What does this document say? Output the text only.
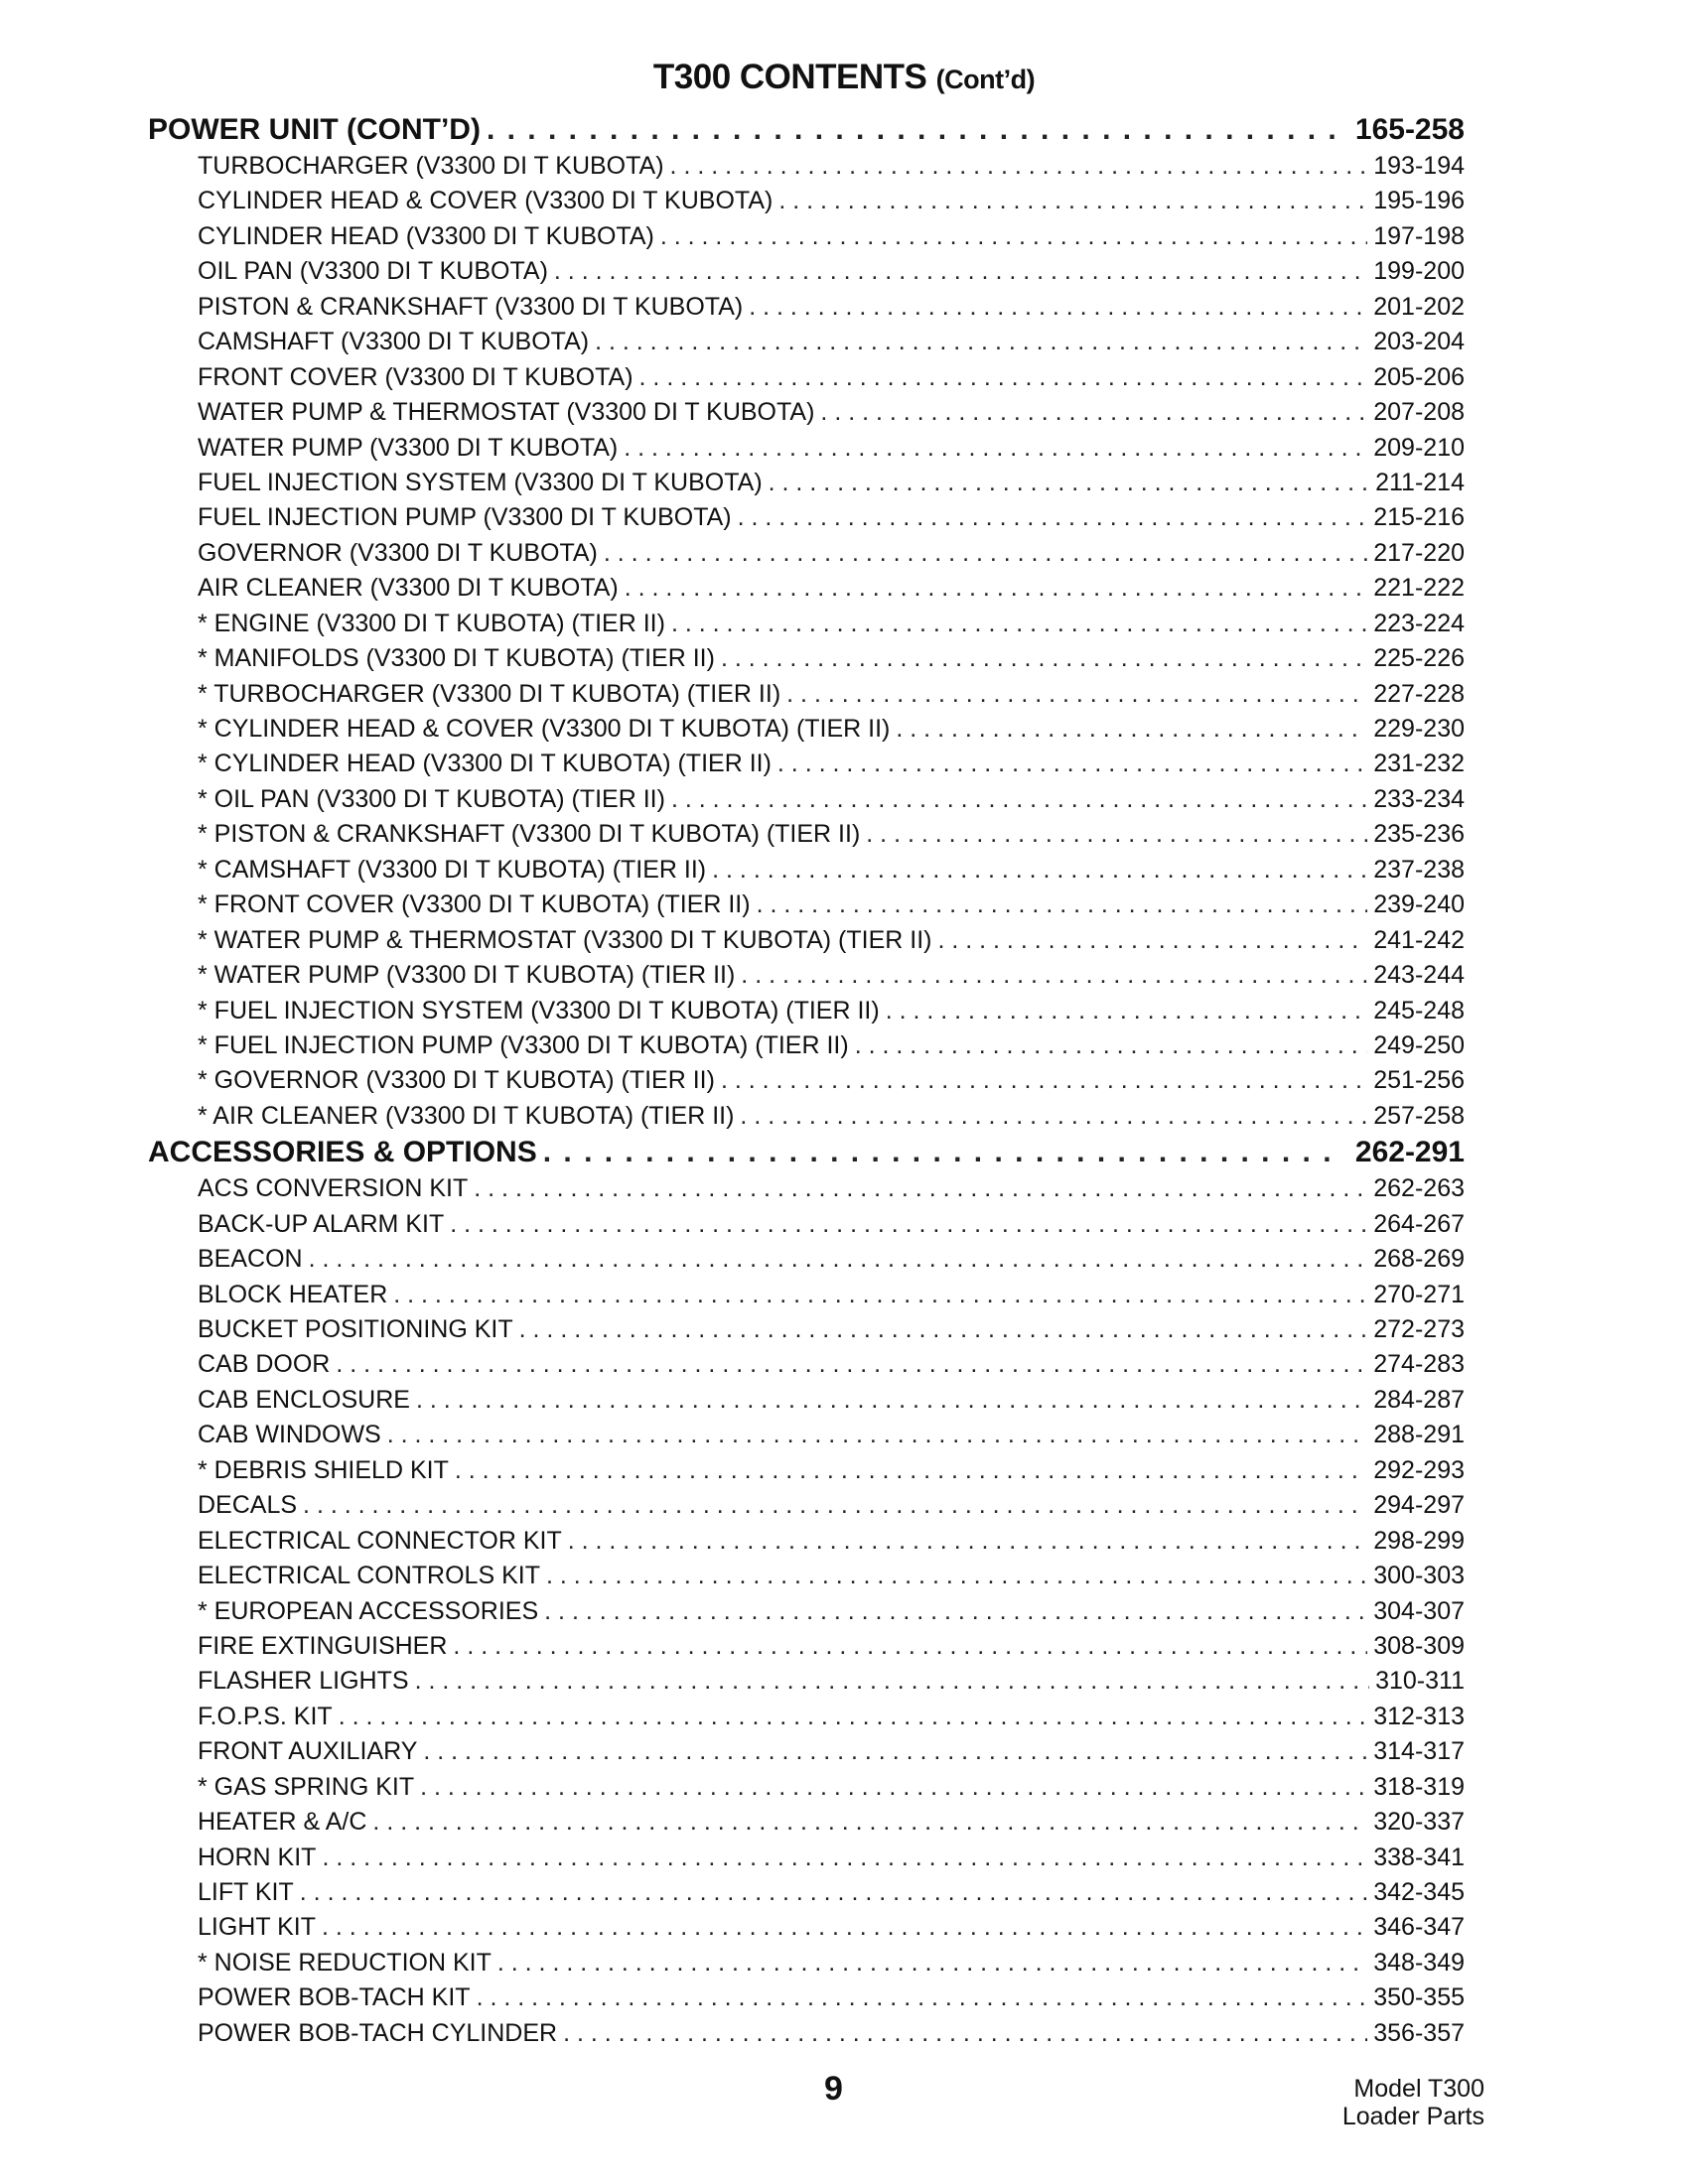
T300 CONTENTS (Cont’d)
POWER UNIT (CONT’D) . . .	165-258
TURBOCHARGER (V3300 DI T KUBOTA) . . .	193-194
CYLINDER HEAD & COVER (V3300 DI T KUBOTA) . . .	195-196
CYLINDER HEAD (V3300 DI T KUBOTA) . . .	197-198
OIL PAN (V3300 DI T KUBOTA) . . .	199-200
PISTON & CRANKSHAFT (V3300 DI T KUBOTA) . . .	201-202
CAMSHAFT (V3300 DI T KUBOTA) . . .	203-204
FRONT COVER (V3300 DI T KUBOTA) . . .	205-206
WATER PUMP & THERMOSTAT (V3300 DI T KUBOTA) . . .	207-208
WATER PUMP (V3300 DI T KUBOTA) . . .	209-210
FUEL INJECTION SYSTEM (V3300 DI T KUBOTA) . . .	211-214
FUEL INJECTION PUMP (V3300 DI T KUBOTA) . . .	215-216
GOVERNOR (V3300 DI T KUBOTA) . . .	217-220
AIR CLEANER (V3300 DI T KUBOTA) . . .	221-222
* ENGINE (V3300 DI T KUBOTA) (TIER II) . . .	223-224
* MANIFOLDS (V3300 DI T KUBOTA) (TIER II) . . .	225-226
* TURBOCHARGER (V3300 DI T KUBOTA) (TIER II) . . .	227-228
* CYLINDER HEAD & COVER (V3300 DI T KUBOTA) (TIER II) . . .	229-230
* CYLINDER HEAD (V3300 DI T KUBOTA) (TIER II) . . .	231-232
* OIL PAN (V3300 DI T KUBOTA) (TIER II) . . .	233-234
* PISTON & CRANKSHAFT (V3300 DI T KUBOTA) (TIER II) . . .	235-236
* CAMSHAFT (V3300 DI T KUBOTA) (TIER II) . . .	237-238
* FRONT COVER (V3300 DI T KUBOTA) (TIER II) . . .	239-240
* WATER PUMP & THERMOSTAT (V3300 DI T KUBOTA) (TIER II) . . .	241-242
* WATER PUMP (V3300 DI T KUBOTA) (TIER II) . . .	243-244
* FUEL INJECTION SYSTEM (V3300 DI T KUBOTA) (TIER II) . . .	245-248
* FUEL INJECTION PUMP (V3300 DI T KUBOTA) (TIER II) . . .	249-250
* GOVERNOR (V3300 DI T KUBOTA) (TIER II) . . .	251-256
* AIR CLEANER (V3300 DI T KUBOTA) (TIER II) . . .	257-258
ACCESSORIES & OPTIONS . . .	262-291
ACS CONVERSION KIT . . .	262-263
BACK-UP ALARM KIT . . .	264-267
BEACON . . .	268-269
BLOCK HEATER . . .	270-271
BUCKET POSITIONING KIT . . .	272-273
CAB DOOR . . .	274-283
CAB ENCLOSURE . . .	284-287
CAB WINDOWS . . .	288-291
* DEBRIS SHIELD KIT . . .	292-293
DECALS . . .	294-297
ELECTRICAL CONNECTOR KIT . . .	298-299
ELECTRICAL CONTROLS KIT . . .	300-303
* EUROPEAN ACCESSORIES . . .	304-307
FIRE EXTINGUISHER . . .	308-309
FLASHER LIGHTS . . .	310-311
F.O.P.S. KIT . . .	312-313
FRONT AUXILIARY . . .	314-317
* GAS SPRING KIT . . .	318-319
HEATER & A/C . . .	320-337
HORN KIT . . .	338-341
LIFT KIT . . .	342-345
LIGHT KIT . . .	346-347
* NOISE REDUCTION KIT . . .	348-349
POWER BOB-TACH KIT . . .	350-355
POWER BOB-TACH CYLINDER . . .	356-357
9	Model T300
Loader Parts
